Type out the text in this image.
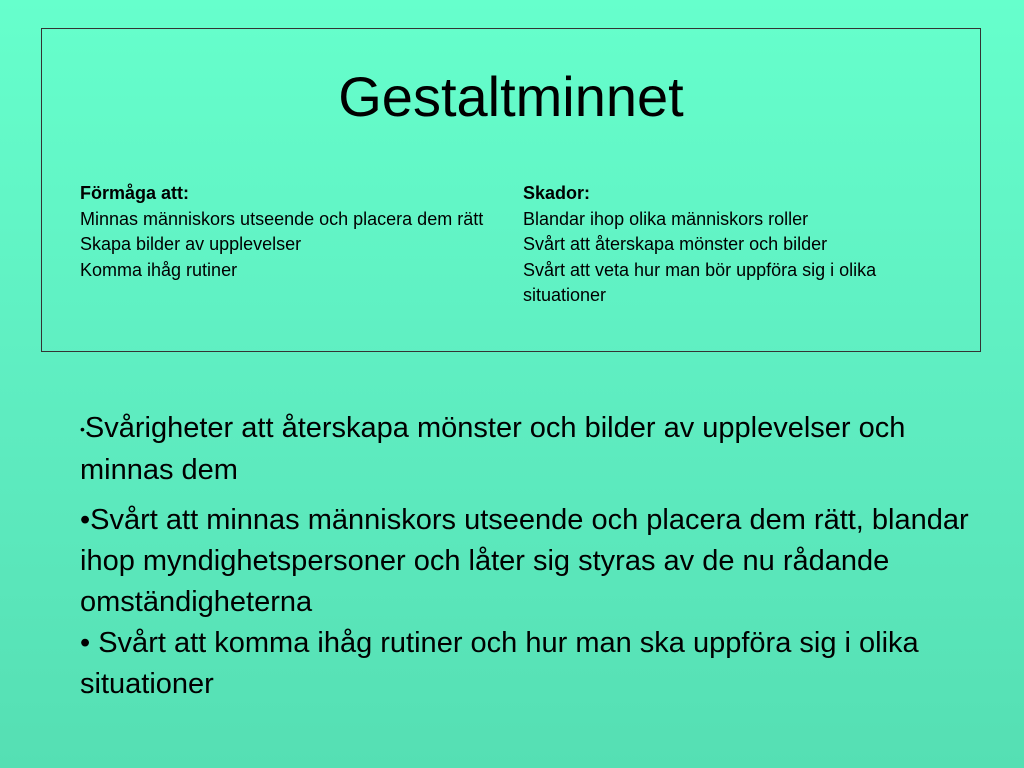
Gestaltminnet
Förmåga att:
Minnas människors utseende och placera dem rätt
Skapa bilder av upplevelser
Komma ihåg rutiner
Skador:
Blandar ihop olika människors roller
Svårt att återskapa mönster och bilder
Svårt att veta hur man bör uppföra sig i olika situationer

•Svårigheter att återskapa mönster och bilder av upplevelser och minnas dem

•Svårt att minnas människors utseende och placera dem rätt, blandar ihop myndighetspersoner och låter sig styras av de nu rådande omständigheterna

• Svårt att komma ihåg rutiner och hur man ska uppföra sig i olika situationer
